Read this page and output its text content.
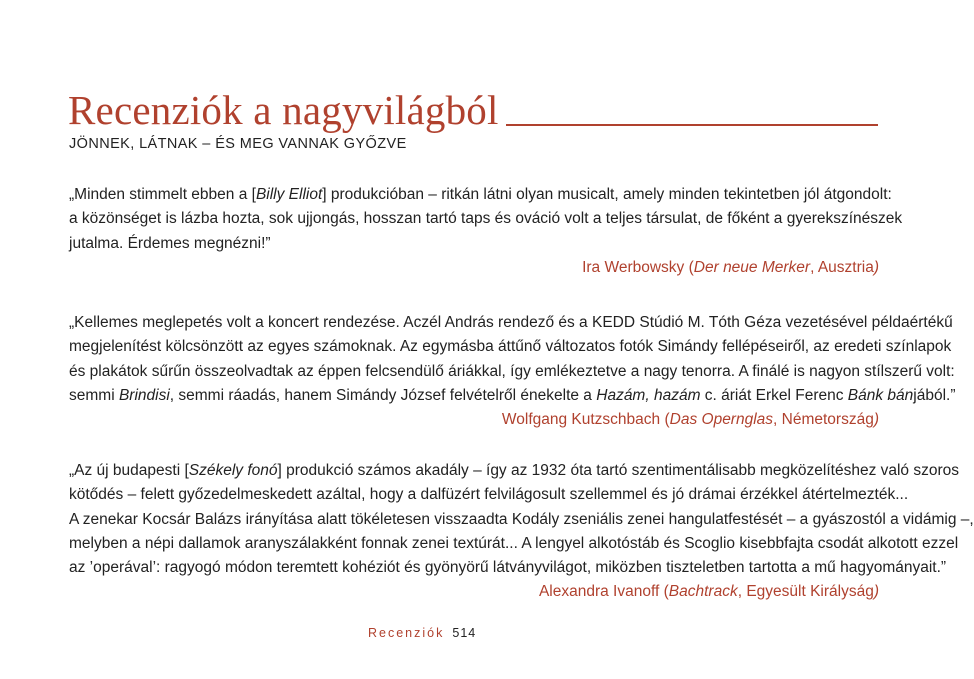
Recenziók a nagyvilágból
JÖNNEK, LÁTNAK – ÉS MEG VANNAK GYŐZVE
„Minden stimmelt ebben a [Billy Elliot] produkcióban – ritkán látni olyan musicalt, amely minden tekintetben jól átgondolt:
a közönséget is lázba hozta, sok ujjongás, hosszan tartó taps és ováció volt a teljes társulat, de főként a gyerekszínészek
jutalma. Érdemes megnézni!”
Ira Werbowsky (Der neue Merker, Ausztria)
„Kellemes meglepetés volt a koncert rendezése. Aczél András rendező és a KEDD Stúdió M. Tóth Géza vezetésével példaértékű
megjelenítést kölcsönzött az egyes számoknak. Az egymásba áttűnő változatos fotók Simándy fellépéseiről, az eredeti színlapok
és plakátok sűrűn összeolvadtak az éppen felcsendülő áriákkal, így emlékeztetve a nagy tenorra. A finálé is nagyon stílszerű volt:
semmi Brindisi, semmi ráadás, hanem Simándy József felvételről énekelte a Hazám, hazám c. áriát Erkel Ferenc Bánk bánjából.”
Wolfgang Kutzschbach (Das Opernglas, Németország)
„Az új budapesti [Székely fonó] produkció számos akadály – így az 1932 óta tartó szentimentálisabb megközelítéshez való szoros
kötődés – felett győzedelmeskedett azáltal, hogy a dalfüzért felvilágosult szellemmel és jó drámai érzékkel átértelmezték...
A zenekar Kocsár Balázs irányítása alatt tökéletesen visszaadta Kodály zseniális zenei hangulatfestését – a gyászostól a vidámig –,
melyben a népi dallamok aranyszálakként fonnak zenei textúrát... A lengyel alkotóstáb és Scoglio kisebbfajta csodát alkotott ezzel
az ’operával’: ragyogó módon teremtett kohéziót és gyönyörű látványvilágot, miközben tiszteletben tartotta a mű hagyományait.”
Alexandra Ivanoff (Bachtrack, Egyesült Királyság)
Recenziók 514
